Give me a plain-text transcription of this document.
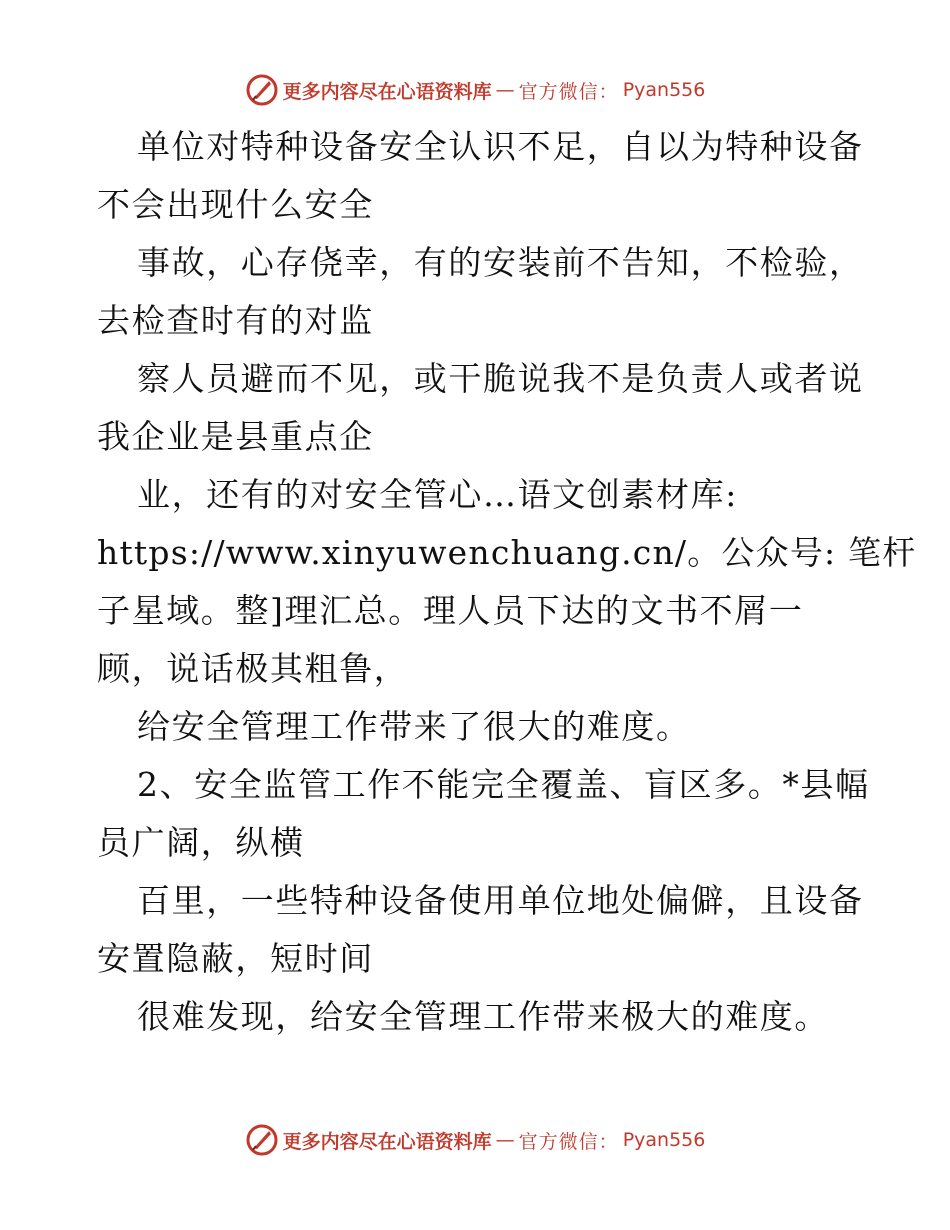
更多内容尽在心语资料库 — 官方微信： Pyan556
单位对特种设备安全认识不足，自以为特种设备
不会出现什么安全
事故，心存侥幸，有的安装前不告知，不检验，
去检查时有的对监
察人员避而不见，或干脆说我不是负责人或者说
我企业是县重点企
业，还有的对安全管心…语文创素材库:
https://www.xinyuwenchuang.cn/。公众号: 笔杆
子星域。整]理汇总。理人员下达的文书不屑一
顾，说话极其粗鲁，
给安全管理工作带来了很大的难度。
2、安全监管工作不能完全覆盖、盲区多。*县幅
员广阔，纵横
百里，一些特种设备使用单位地处偏僻，且设备
安置隐蔽，短时间
很难发现，给安全管理工作带来极大的难度。
更多内容尽在心语资料库 — 官方微信： Pyan556
